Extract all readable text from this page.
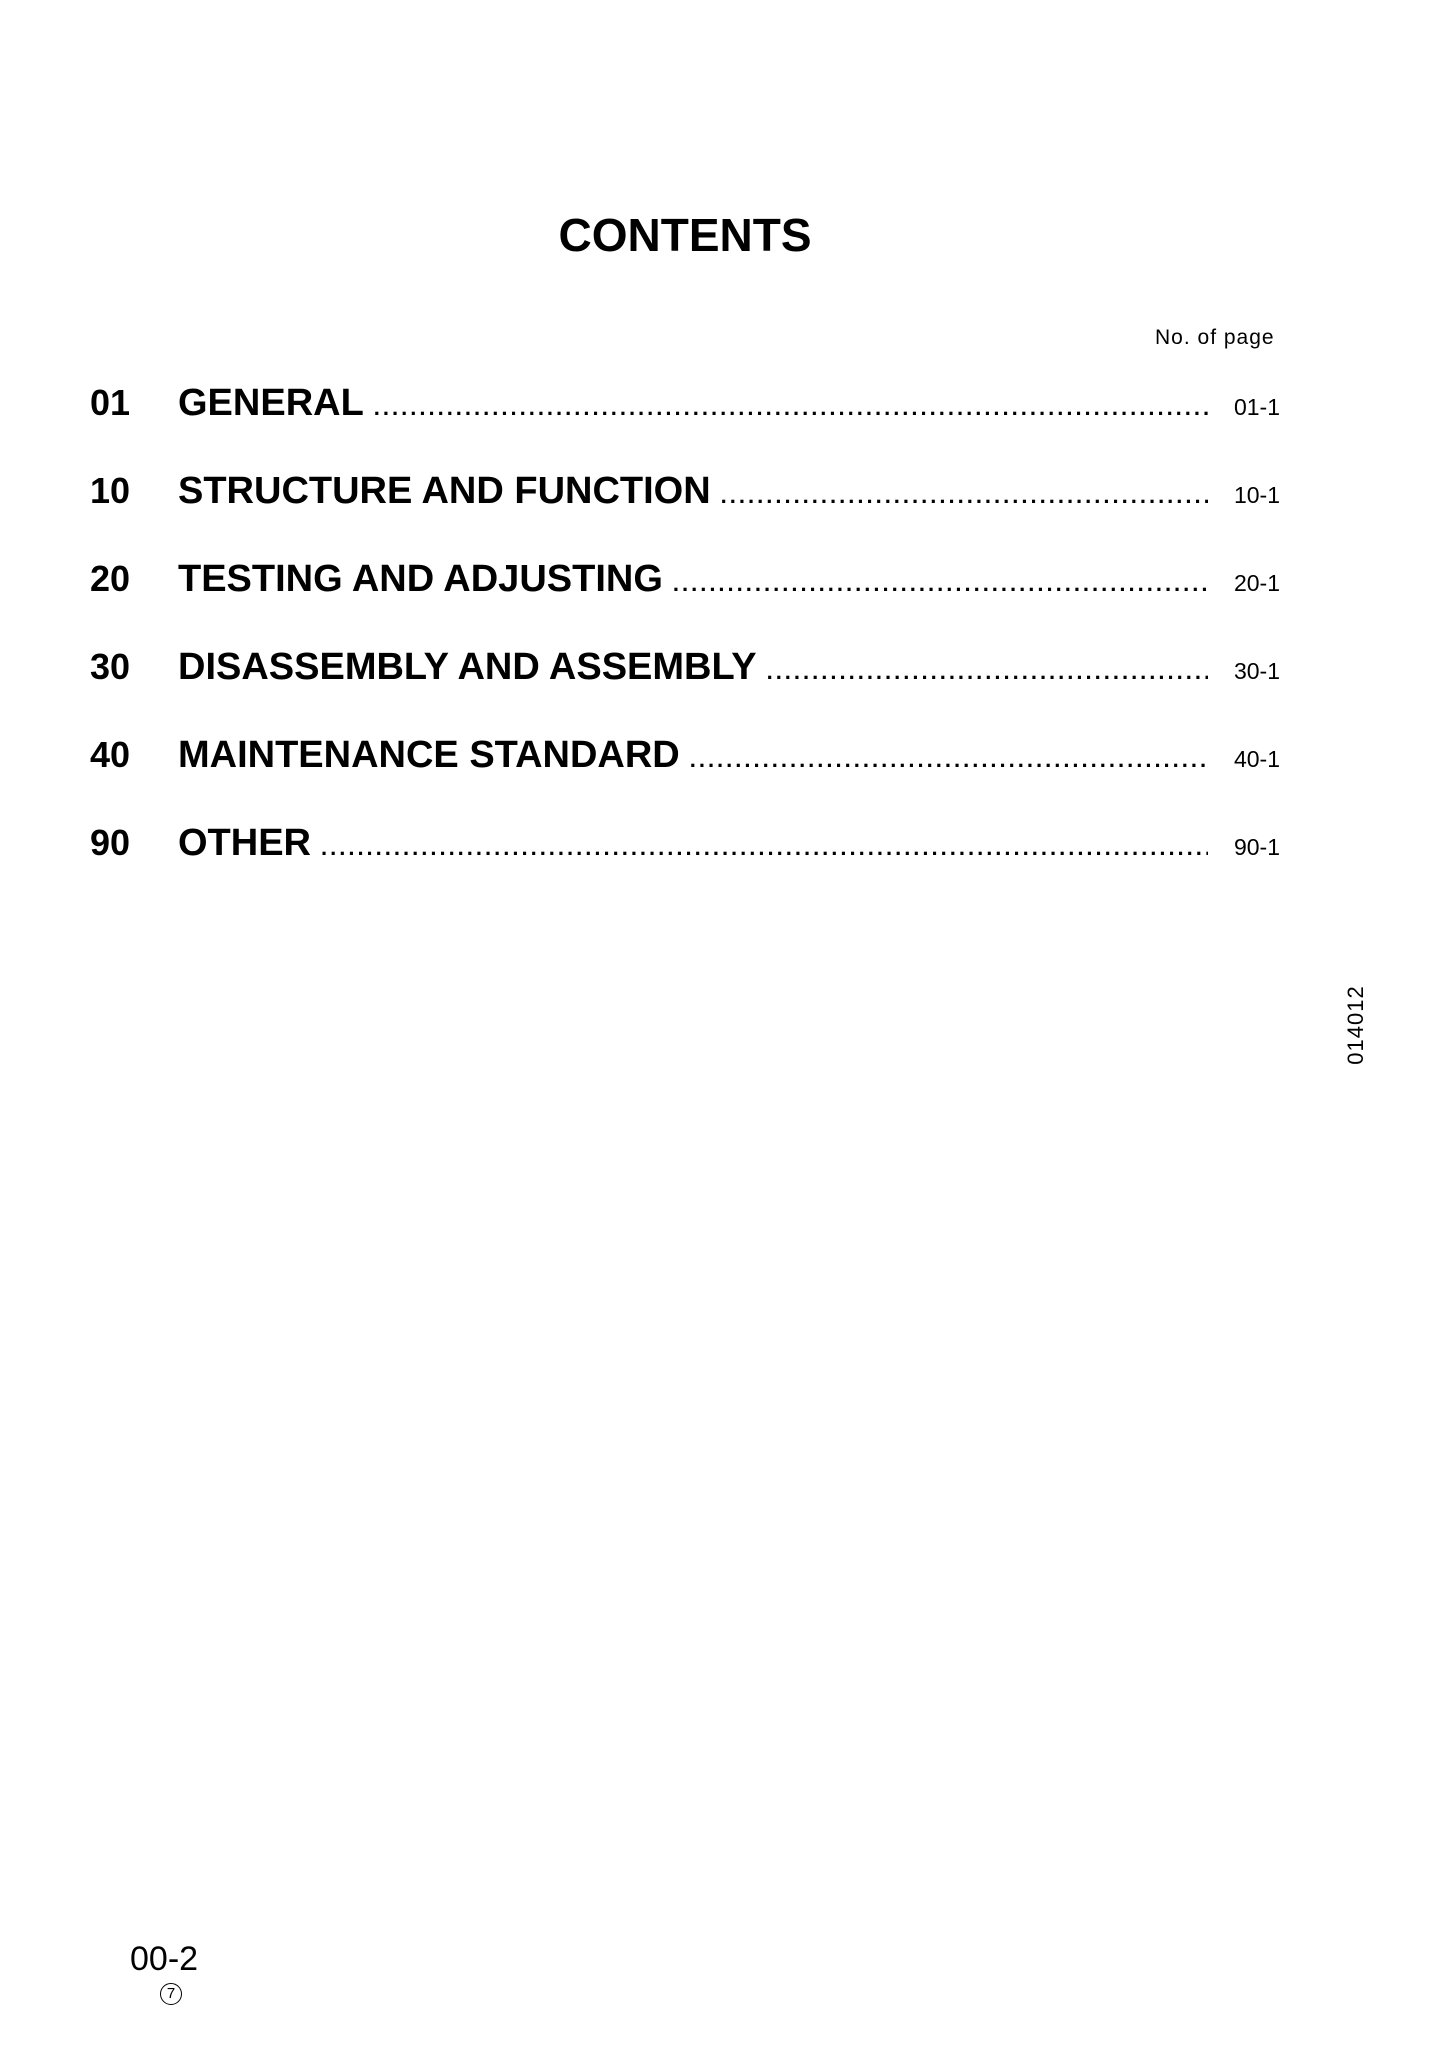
CONTENTS
No. of page
01	GENERAL .....	01-1
10	STRUCTURE AND FUNCTION .....	10-1
20	TESTING AND ADJUSTING .....	20-1
30	DISASSEMBLY AND ASSEMBLY .....	30-1
40	MAINTENANCE STANDARD .....	40-1
90	OTHER .....	90-1
014012
00-2
7
